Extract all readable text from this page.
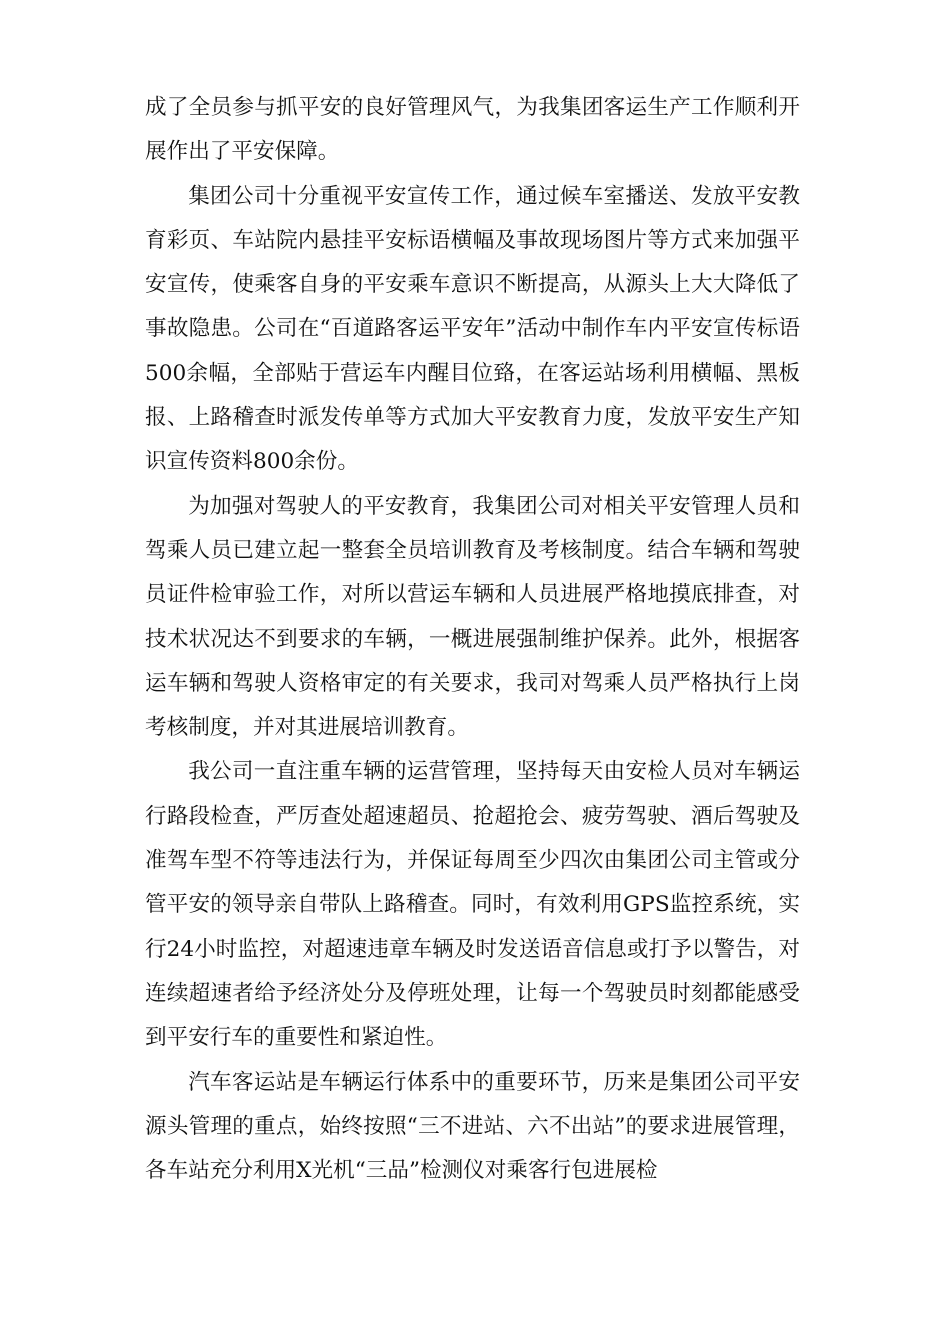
成了全员参与抓平安的良好管理风气，为我集团客运生产工作顺利开展作出了平安保障。

集团公司十分重视平安宣传工作，通过候车室播送、发放平安教育彩页、车站院内悬挂平安标语横幅及事故现场图片等方式来加强平安宣传，使乘客自身的平安乘车意识不断提高，从源头上大大降低了事故隐患。公司在“百道路客运平安年”活动中制作车内平安宣传标语500余幅，全部贴于营运车内醒目位臵，在客运站场利用横幅、黑板报、上路稽查时派发传单等方式加大平安教育力度，发放平安生产知识宣传资料800余份。

为加强对驾驶人的平安教育，我集团公司对相关平安管理人员和驾乘人员已建立起一整套全员培训教育及考核制度。结合车辆和驾驶员证件检审验工作，对所以营运车辆和人员进展严格地摸底排查，对技术状况达不到要求的车辆，一概进展强制维护保养。此外，根据客运车辆和驾驶人资格审定的有关要求，我司对驾乘人员严格执行上岗考核制度，并对其进展培训教育。

我公司一直注重车辆的运营管理，坚持每天由安检人员对车辆运行路段检查，严厉查处超速超员、抢超抢会、疲劳驾驶、酒后驾驶及准驾车型不符等违法行为，并保证每周至少四次由集团公司主管或分管平安的领导亲自带队上路稽查。同时，有效利用GPS监控系统，实行24小时监控，对超速违章车辆及时发送语音信息或打予以警告，对连续超速者给予经济处分及停班处理，让每一个驾驶员时刻都能感受到平安行车的重要性和紧迫性。

汽车客运站是车辆运行体系中的重要环节，历来是集团公司平安源头管理的重点，始终按照“三不进站、六不出站”的要求进展管理，各车站充分利用X光机“三品”检测仪对乘客行包进展检
